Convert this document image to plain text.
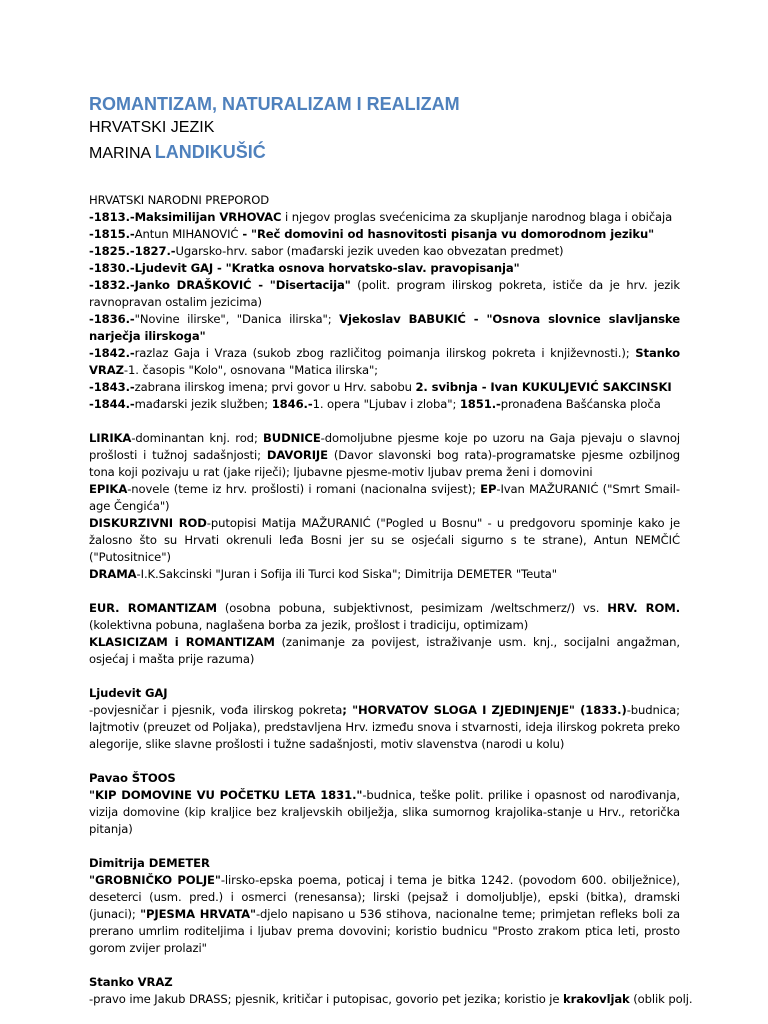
ROMANTIZAM, NATURALIZAM I REALIZAM

HRVATSKI JEZIK

MARINA LANDIKUŠIĆ

HRVATSKI NARODNI PREPOROD

-1813.-Maksimilijan VRHOVAC i njegov proglas svećenicima za skupljanje narodnog blaga i običaja

-1815.-Antun MIHANOVIĆ - "Reč domovini od hasnovitosti pisanja vu domorodnom jeziku"

-1825.-1827.-Ugarsko-hrv. sabor (mađarski jezik uveden kao obvezatan predmet)

-1830.-Ljudevit GAJ - "Kratka osnova horvatsko-slav. pravopisanja"

-1832.-Janko DRAŠKOVIĆ - "Disertacija" (polit. program ilirskog pokreta, ističe da je hrv. jezik ravnopravan ostalim jezicima)

-1836.-"Novine ilirske", "Danica ilirska"; Vjekoslav BABUKIĆ - "Osnova slovnice slavljanske narječja ilirskoga"

-1842.-razlaz Gaja i Vraza (sukob zbog različitog poimanja ilirskog pokreta i književnosti.); Stanko VRAZ-1. časopis "Kolo", osnovana "Matica ilirska";

-1843.-zabrana ilirskog imena; prvi govor u Hrv. sabobu 2. svibnja - Ivan KUKULJEVIĆ SAKCINSKI

-1844.-mađarski jezik služben; 1846.-1. opera "Ljubav i zloba"; 1851.-pronađena Bašćanska ploča

LIRIKA-dominantan knj. rod; BUDNICE-domoljubne pjesme koje po uzoru na Gaja pjevaju o slavnoj prošlosti i tužnoj sadašnjosti; DAVORIJE (Davor slavonski bog rata)-programatske pjesme ozbiljnog tona koji pozivaju u rat (jake riječi); ljubavne pjesme-motiv ljubav prema ženi i domovini

EPIKA-novele (teme iz hrv. prošlosti) i romani (nacionalna svijest); EP-Ivan MAŽURANIĆ ("Smrt Smail-age Čengića")

DISKURZIVNI ROD-putopisi Matija MAŽURANIĆ ("Pogled u Bosnu" - u predgovoru spominje kako je žalosno što su Hrvati okrenuli leđa Bosni jer su se osjećali sigurno s te strane), Antun NEMČIĆ ("Putositnice")

DRAMA-I.K.Sakcinski "Juran i Sofija ili Turci kod Siska"; Dimitrija DEMETER "Teuta"

EUR. ROMANTIZAM (osobna pobuna, subjektivnost, pesimizam /weltschmerz/) vs. HRV. ROM. (kolektivna pobuna, naglašena borba za jezik, prošlost i tradiciju, optimizam)

KLASICIZAM i ROMANTIZAM (zanimanje za povijest, istraživanje usm. knj., socijalni angažman, osjećaj i mašta prije razuma)

Ljudevit GAJ

-povjesničar i pjesnik, vođa ilirskog pokreta; "HORVATOV SLOGA I ZJEDINJENJE" (1833.)-budnica; lajtmotiv (preuzet od Poljaka), predstavljena Hrv. između snova i stvarnosti, ideja ilirskog pokreta preko alegorije, slike slavne prošlosti i tužne sadašnjosti, motiv slavenstva (narodi u kolu)

Pavao ŠTOOS

"KIP DOMOVINE VU POČETKU LETA 1831."-budnica, teške polit. prilike i opasnost od narođivanja, vizija domovine (kip kraljice bez kraljevskih obilježja, slika sumornog krajolika-stanje u Hrv., retorička pitanja)

Dimitrija DEMETER

"GROBNIČKO POLJE"-lirsko-epska poema, poticaj i tema je bitka 1242. (povodom 600. obilježnice), deseterci (usm. pred.) i osmerci (renesansa); lirski (pejsaž i domoljublje), epski (bitka), dramski (junaci); "PJESMA HRVATA"-djelo napisano u 536 stihova, nacionalne teme; primjetan refleks boli za prerano umrlim roditeljima i ljubav prema dovovini; koristio budnicu "Prosto zrakom ptica leti, prosto gorom zvijer prolazi"

Stanko VRAZ

-pravo ime Jakub DRASS; pjesnik, kritičar i putopisac, govorio pet jezika; koristio je krakovljak (oblik polj.
